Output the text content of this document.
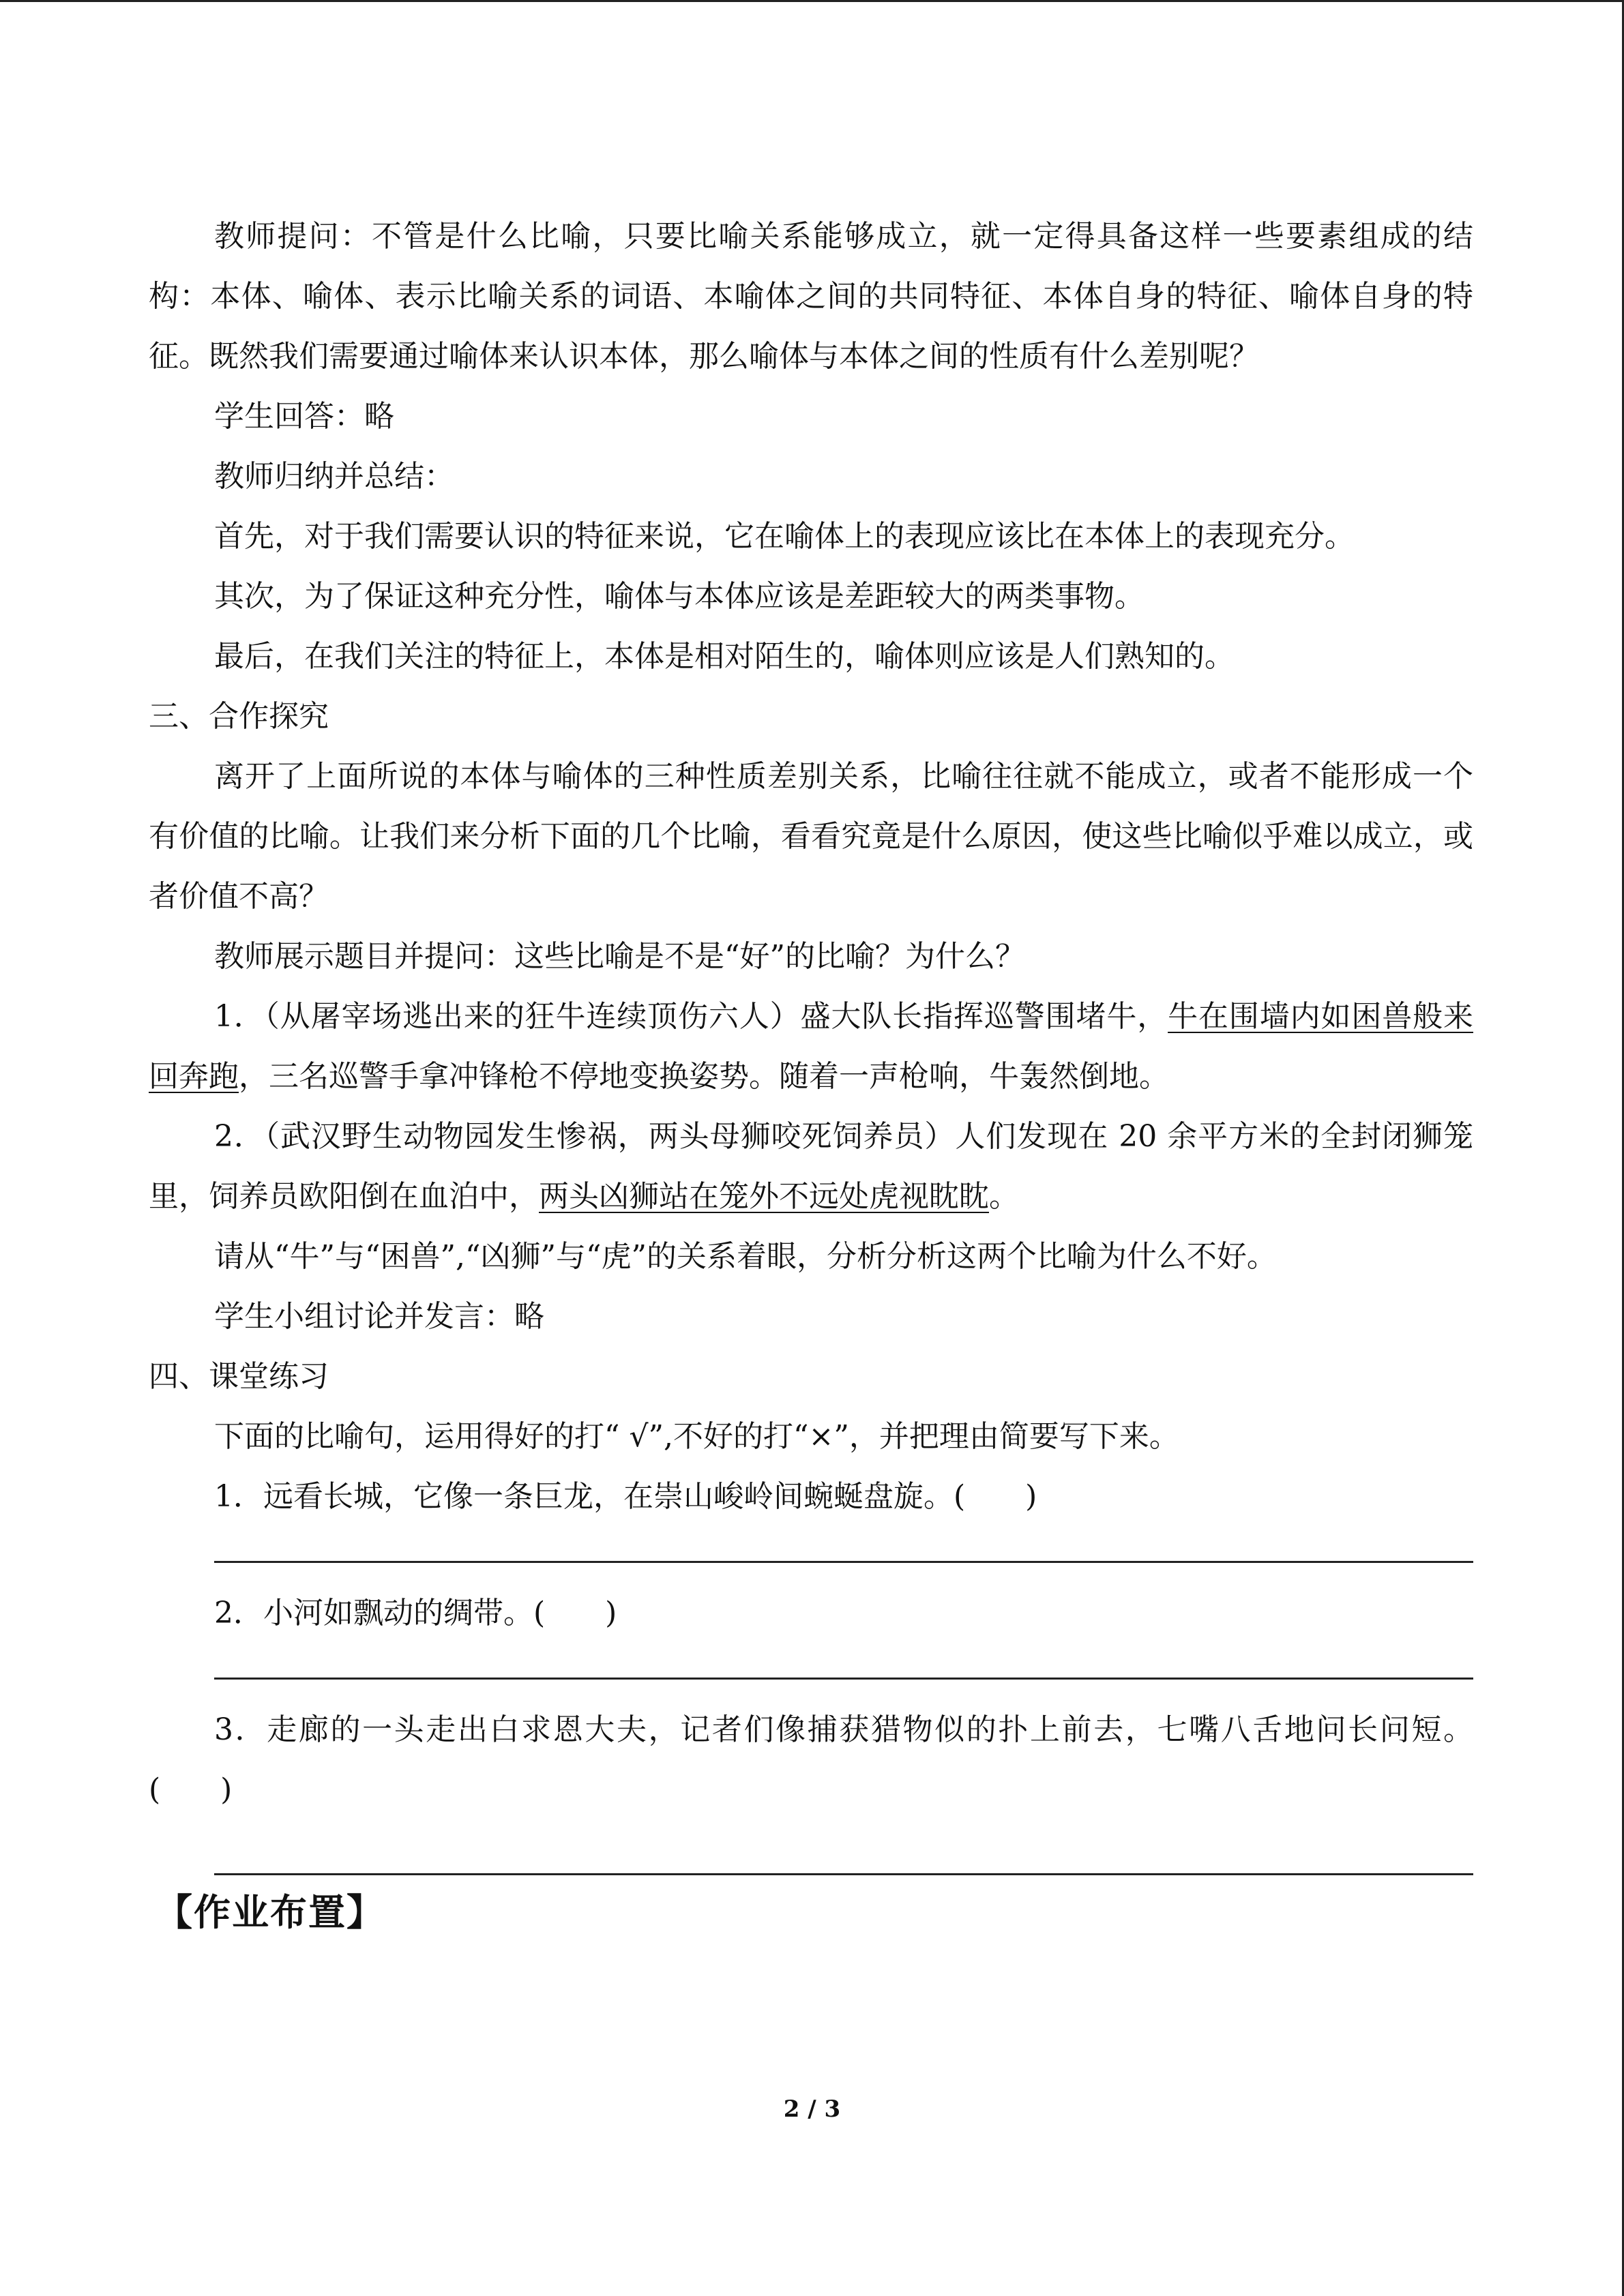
教师提问：不管是什么比喻，只要比喻关系能够成立，就一定得具备这样一些要素组成的结构：本体、喻体、表示比喻关系的词语、本喻体之间的共同特征、本体自身的特征、喻体自身的特征。既然我们需要通过喻体来认识本体，那么喻体与本体之间的性质有什么差别呢？

学生回答：略

教师归纳并总结：

首先，对于我们需要认识的特征来说，它在喻体上的表现应该比在本体上的表现充分。

其次，为了保证这种充分性，喻体与本体应该是差距较大的两类事物。

最后，在我们关注的特征上，本体是相对陌生的，喻体则应该是人们熟知的。

三、合作探究

离开了上面所说的本体与喻体的三种性质差别关系，比喻往往就不能成立，或者不能形成一个有价值的比喻。让我们来分析下面的几个比喻，看看究竟是什么原因，使这些比喻似乎难以成立，或者价值不高？

教师展示题目并提问：这些比喻是不是“好”的比喻？为什么？

1．（从屠宰场逃出来的狂牛连续顶伤六人）盛大队长指挥巡警围堵牛，牛在围墙内如困兽般来回奔跑，三名巡警手拿冲锋枪不停地变换姿势。随着一声枪响，牛轰然倒地。

2．（武汉野生动物园发生惨祸，两头母狮咬死饲养员）人们发现在 20 余平方米的全封闭狮笼里，饲养员欧阳倒在血泊中，两头凶狮站在笼外不远处虎视眈眈。

请从“牛”与“困兽”,“凶狮”与“虎”的关系着眼，分析分析这两个比喻为什么不好。

学生小组讨论并发言：略

四、课堂练习

下面的比喻句，运用得好的打“ √”,不好的打“×”，并把理由简要写下来。

1．远看长城，它像一条巨龙，在崇山峻岭间蜿蜒盘旋。(　　)

2．小河如飘动的绸带。(　　)

3．走廊的一头走出白求恩大夫，记者们像捕获猎物似的扑上前去，七嘴八舌地问长问短。(　　)

【作业布置】

2 / 3
